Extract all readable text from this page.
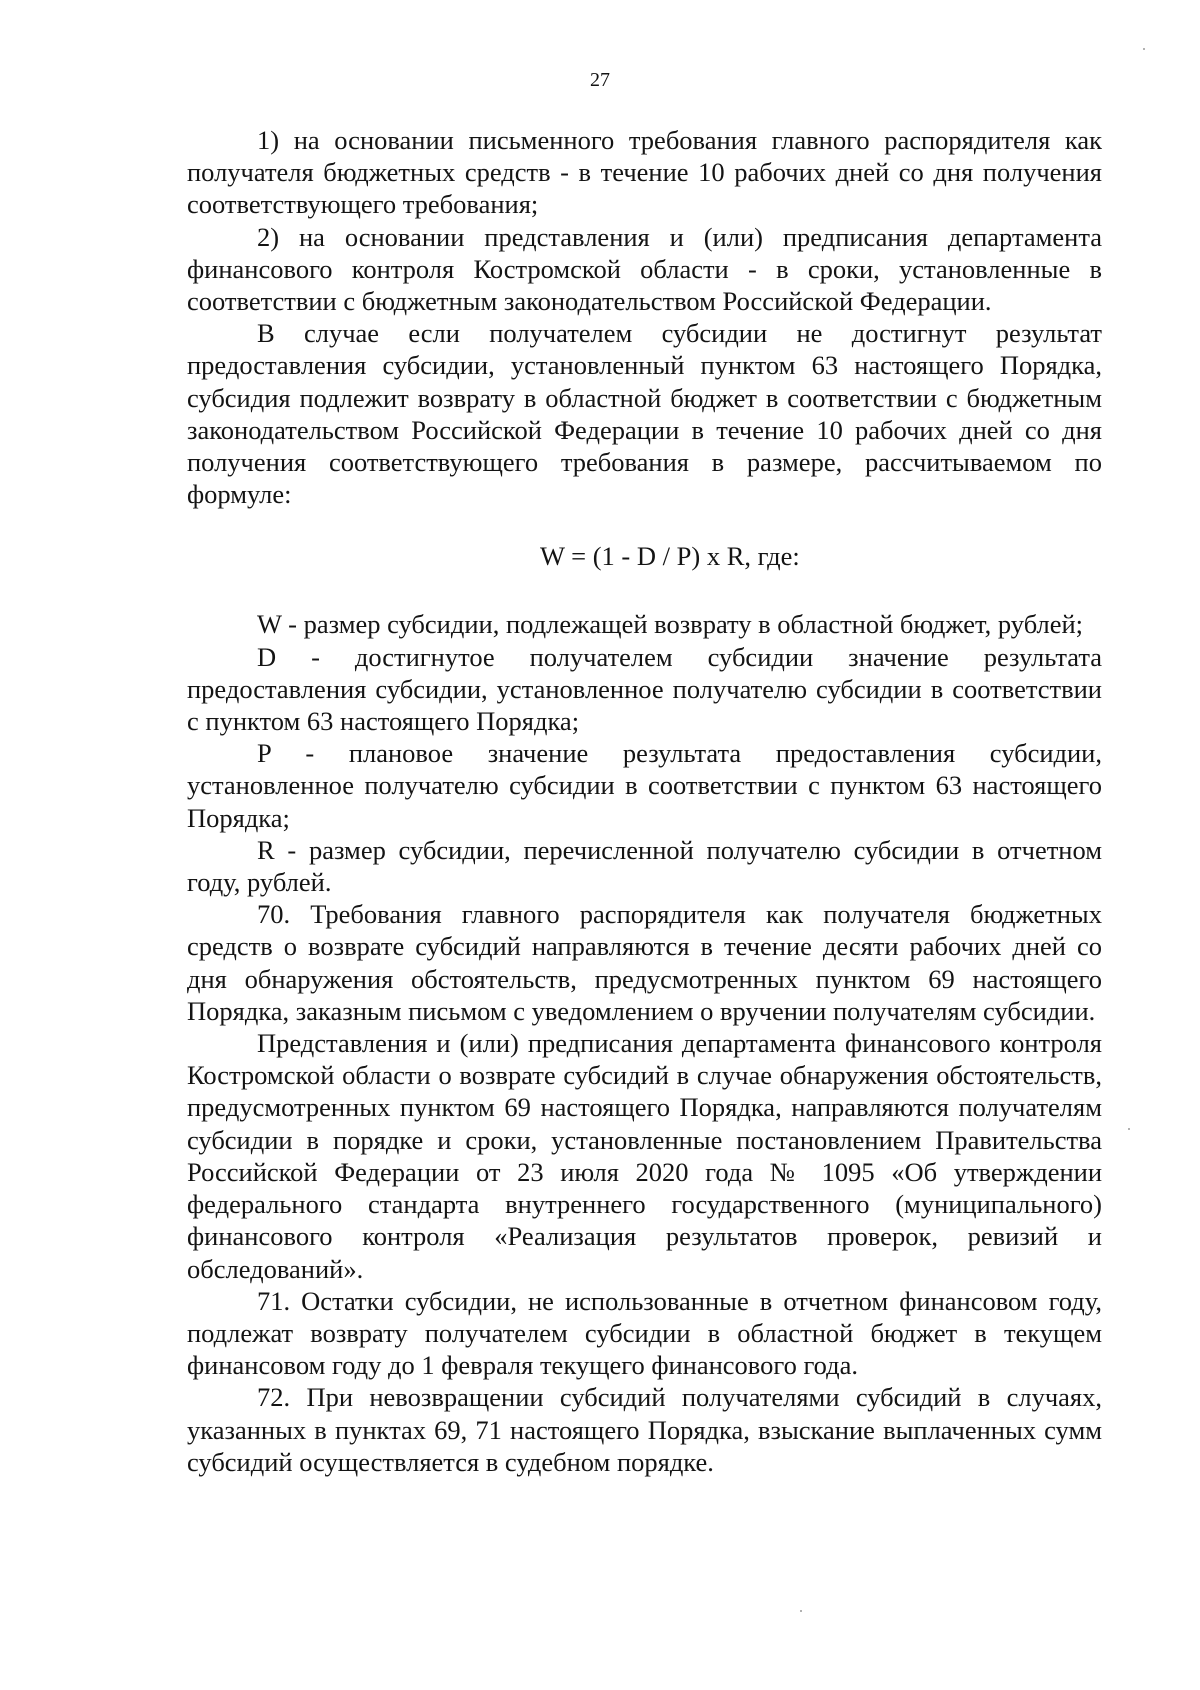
27

1) на основании письменного требования главного распорядителя как получателя бюджетных средств - в течение 10 рабочих дней со дня получения соответствующего требования;

2) на основании представления и (или) предписания департамента финансового контроля Костромской области - в сроки, установленные в соответствии с бюджетным законодательством Российской Федерации.

В случае если получателем субсидии не достигнут результат предоставления субсидии, установленный пунктом 63 настоящего Порядка, субсидия подлежит возврату в областной бюджет в соответствии с бюджетным законодательством Российской Федерации в течение 10 рабочих дней со дня получения соответствующего требования в размере, рассчитываемом по формуле:

W = (1 - D / P) x R, где:

W - размер субсидии, подлежащей возврату в областной бюджет, рублей;

D - достигнутое получателем субсидии значение результата предоставления субсидии, установленное получателю субсидии в соответствии с пунктом 63 настоящего Порядка;

P - плановое значение результата предоставления субсидии, установленное получателю субсидии в соответствии с пунктом 63 настоящего Порядка;

R - размер субсидии, перечисленной получателю субсидии в отчетном году, рублей.

70. Требования главного распорядителя как получателя бюджетных средств о возврате субсидий направляются в течение десяти рабочих дней со дня обнаружения обстоятельств, предусмотренных пунктом 69 настоящего Порядка, заказным письмом с уведомлением о вручении получателям субсидии.

Представления и (или) предписания департамента финансового контроля Костромской области о возврате субсидий в случае обнаружения обстоятельств, предусмотренных пунктом 69 настоящего Порядка, направляются получателям субсидии в порядке и сроки, установленные постановлением Правительства Российской Федерации от 23 июля 2020 года № 1095 «Об утверждении федерального стандарта внутреннего государственного (муниципального) финансового контроля «Реализация результатов проверок, ревизий и обследований».

71. Остатки субсидии, не использованные в отчетном финансовом году, подлежат возврату получателем субсидии в областной бюджет в текущем финансовом году до 1 февраля текущего финансового года.

72. При невозвращении субсидий получателями субсидий в случаях, указанных в пунктах 69, 71 настоящего Порядка, взыскание выплаченных сумм субсидий осуществляется в судебном порядке.
